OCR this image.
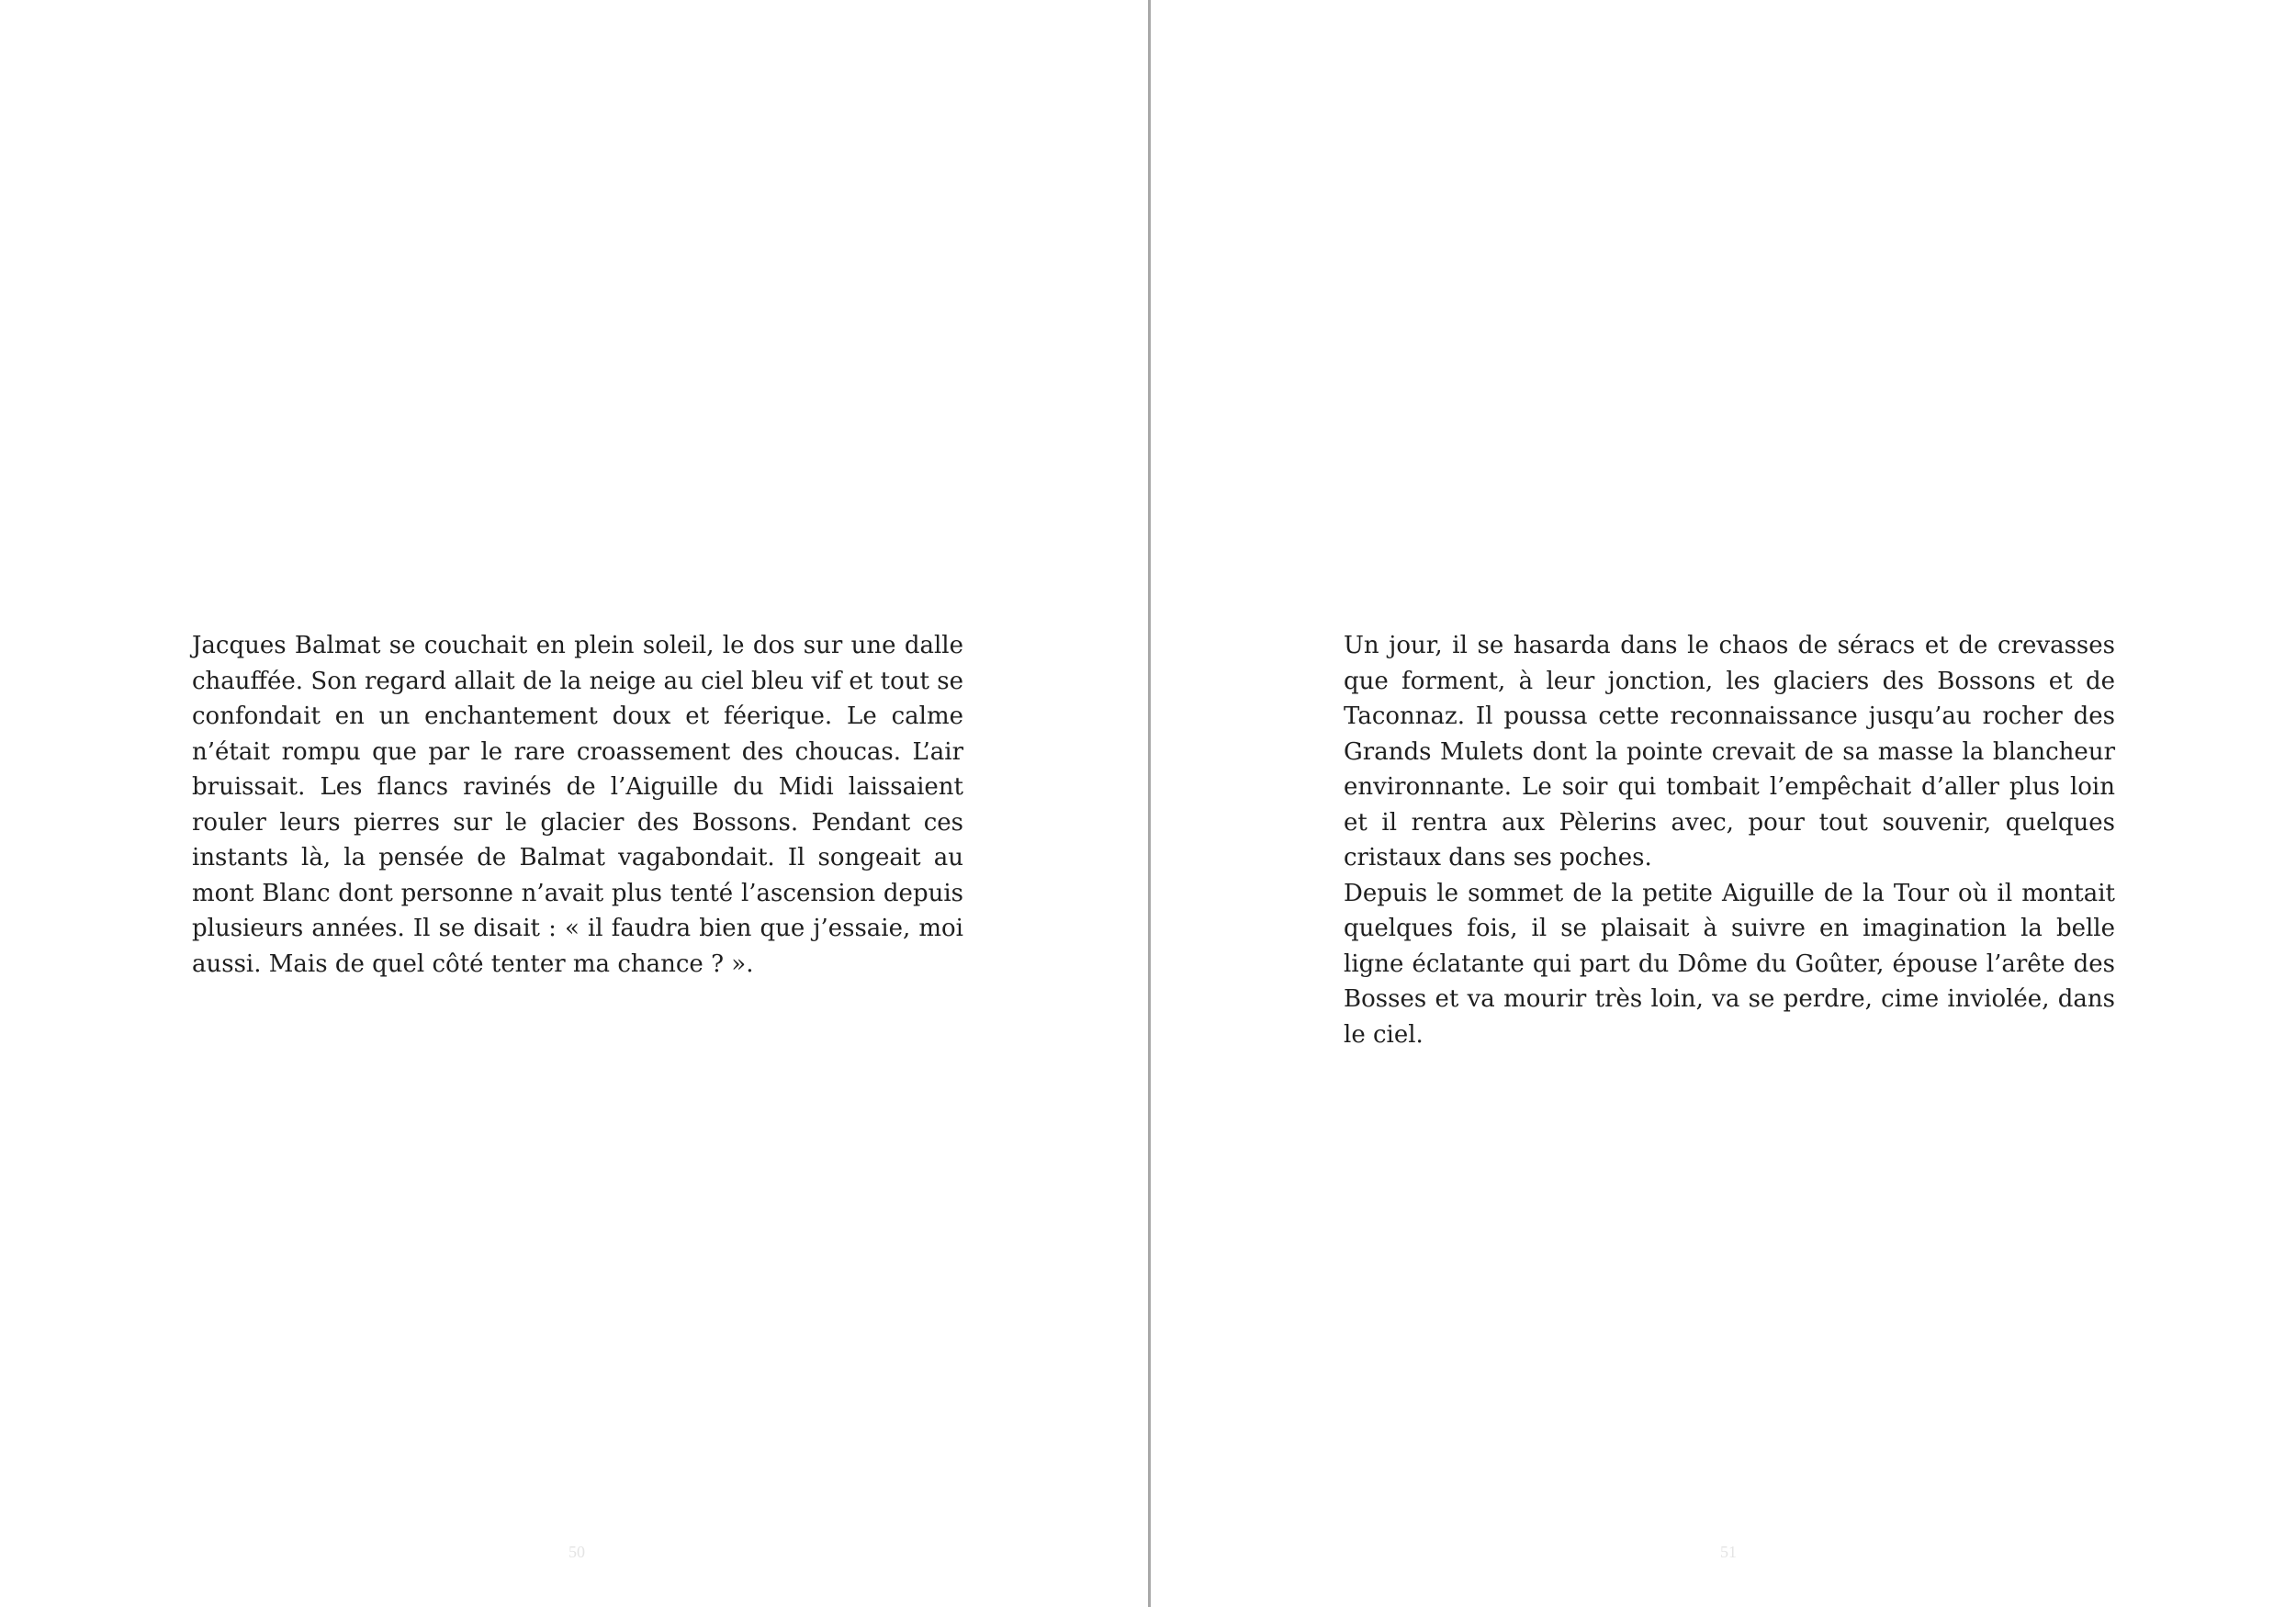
Jacques Balmat se couchait en plein soleil, le dos sur une dalle chauffée. Son regard allait de la neige au ciel bleu vif et tout se confondait en un enchantement doux et féerique. Le calme n’était rompu que par le rare croassement des choucas. L’air bruissait. Les flancs ravinés de l’Aiguille du Midi laissaient rouler leurs pierres sur le glacier des Bossons. Pendant ces instants là, la pensée de Balmat vagabondait. Il songeait au mont Blanc dont personne n’avait plus tenté l’ascension depuis plusieurs années. Il se disait : « il faudra bien que j’essaie, moi aussi. Mais de quel côté tenter ma chance ? ».

50

Un jour, il se hasarda dans le chaos de séracs et de crevasses que forment, à leur jonction, les glaciers des Bossons et de Taconnaz. Il poussa cette reconnaissance jusqu’au rocher des Grands Mulets dont la pointe crevait de sa masse la blancheur environnante. Le soir qui tombait l’empêchait d’aller plus loin et il rentra aux Pèlerins avec, pour tout souvenir, quelques cristaux dans ses poches.

Depuis le sommet de la petite Aiguille de la Tour où il montait quelques fois, il se plaisait à suivre en imagination la belle ligne éclatante qui part du Dôme du Goûter, épouse l’arête des Bosses et va mourir très loin, va se perdre, cime inviolée, dans le ciel.

51
